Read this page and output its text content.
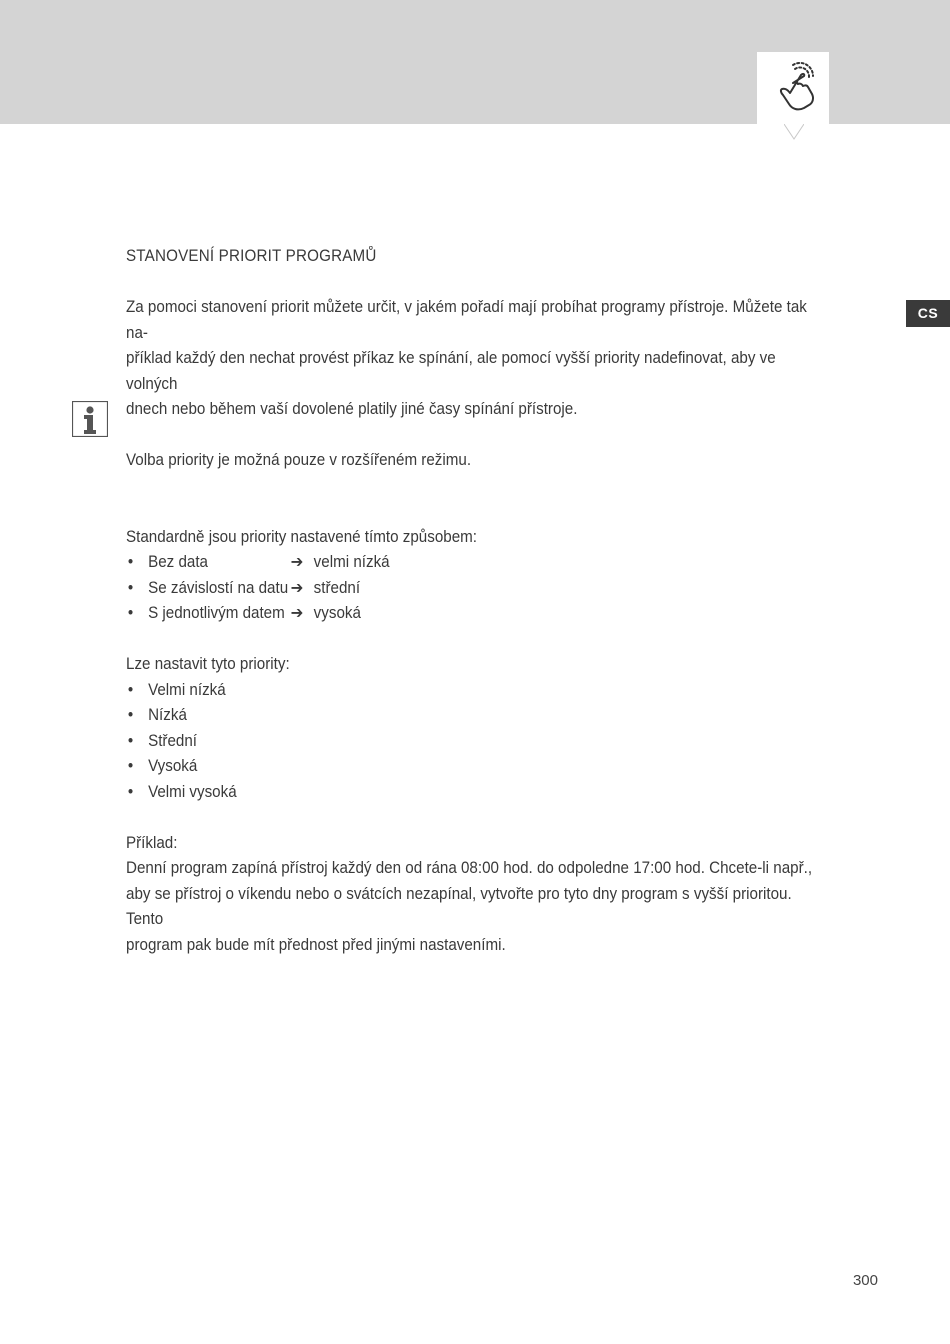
CS

STANOVENÍ PRIORIT PROGRAMŮ

Za pomoci stanovení priorit můžete určit, v jakém pořadí mají probíhat programy přístroje. Můžete tak na-
příklad každý den nechat provést příkaz ke spínání, ale pomocí vyšší priority nadefinovat, aby ve volných
dnech nebo během vaší dovolené platily jiné časy spínání přístroje.

Volba priority je možná pouze v rozšířeném režimu.

Standardně jsou priority nastavené tímto způsobem:

• Bez data	➔ velmi nízká
• Se závislostí na datu ➔ střední
• S jednotlivým datem ➔ vysoká

Lze nastavit tyto priority:

• Velmi nízká
• Nízká
• Střední
• Vysoká
• Velmi vysoká

Příklad:

Denní program zapíná přístroj každý den od rána 08:00 hod. do odpoledne 17:00 hod. Chcete-li např.,
aby se přístroj o víkendu nebo o svátcích nezapínal, vytvořte pro tyto dny program s vyšší prioritou. Tento
program pak bude mít přednost před jinými nastaveními.
300
